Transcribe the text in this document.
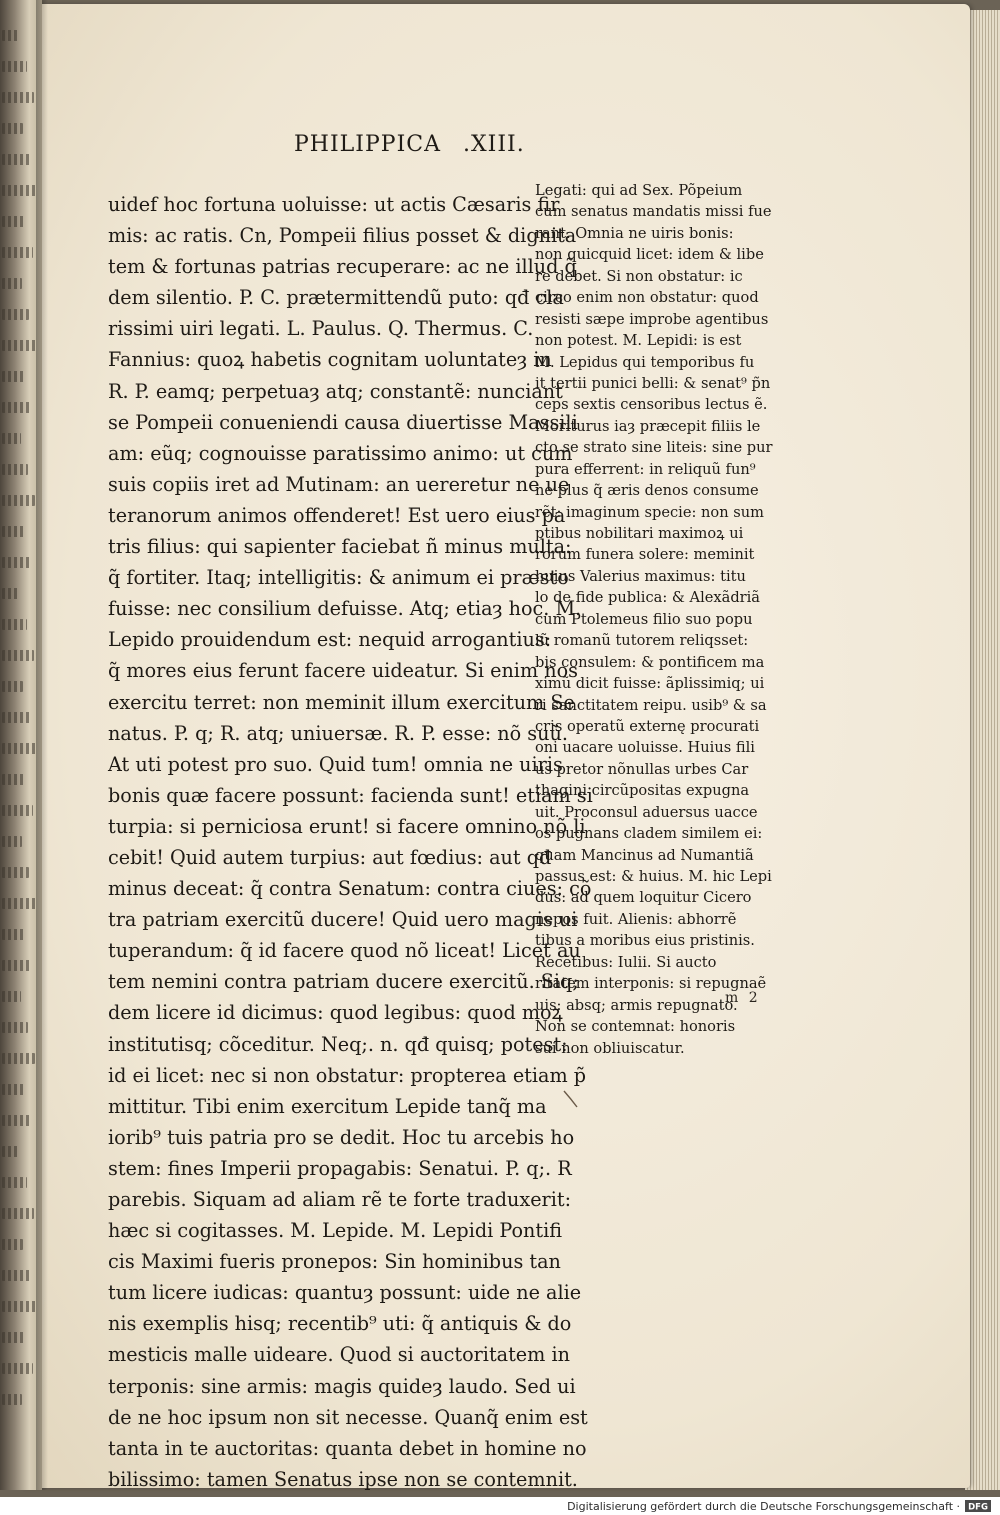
PHILIPPICA .XIII.
uidef hoc fortuna uoluisse: ut actis Cæsaris fir
mis: ac ratis. Cn, Pompeii filius posset & dignita
tem & fortunas patrias recuperare: ac ne illud q̃
dem silentio. P. C. prætermittendũ puto: qđ cla
rissimi uiri legati. L. Paulus. Q. Thermus. C.
Fannius: quoꝝ habetis cognitam uoluntateȝ in
R. P. eamq; perpetuaȝ atq; constantẽ: nunciant
se Pompeii conueniendi causa diuertisse Massili
am: eũq; cognouisse paratissimo animo: ut cum
suis copiis iret ad Mutinam: an uereretur ne ue
teranorum animos offenderet! Est uero eius pa
tris filius: qui sapienter faciebat ñ minus multa:
q̃ fortiter. Itaq; intelligitis: & animum ei præsto
fuisse: nec consilium defuisse. Atq; etiaȝ hoc. M.
Lepido prouidendum est: nequid arrogantius:
q̃ mores eius ferunt facere uideatur. Si enim nos
exercitu terret: non meminit illum exercitum Se
natus. P. q; R. atq; uniuersæ. R. P. esse: nõ suũ.
At uti potest pro suo. Quid tum! omnia ne uiris
bonis quæ facere possunt: facienda sunt! etiam si
turpia: si perniciosa erunt! si facere omnino nõ li
cebit! Quid autem turpius: aut fœdius: aut qđ
minus deceat: q̃ contra Senatum: contra ciues: cõ
tra patriam exercitũ ducere! Quid uero magis ui
tuperandum: q̃ id facere quod nõ liceat! Licet au
tem nemini contra patriam ducere exercitũ. Siq;
dem licere id dicimus: quod legibus: quod moꝝ
institutisq; cõceditur. Neq;. n. qđ quisq; potest:
id ei licet: nec si non obstatur: propterea etiam p̃
mittitur. Tibi enim exercitum Lepide tanq̃ ma
iorib⁹ tuis patria pro se dedit. Hoc tu arcebis ho
stem: fines Imperii propagabis: Senatui. P. q;. R
parebis. Siquam ad aliam rẽ te forte traduxerit:
hæc si cogitasses. M. Lepide. M. Lepidi Pontifi
cis Maximi fueris pronepos: Sin hominibus tan
tum licere iudicas: quantuȝ possunt: uide ne alie
nis exemplis hisq; recentib⁹ uti: q̃ antiquis & do
mesticis malle uideare. Quod si auctoritatem in
terponis: sine armis: magis quideȝ laudo. Sed ui
de ne hoc ipsum non sit necesse. Quanq̃ enim est
tanta in te auctoritas: quanta debet in homine no
bilissimo: tamen Senatus ipse non se contemnit.
Legati: qui ad Sex. Põpeium
cum senatus mandatis missi fue
rant. Omnia ne uiris bonis:
non quicquid licet: idem & libe
re debet. Si non obstatur: ic
circo enim non obstatur: quod
resisti sæpe improbe agentibus
non potest. M. Lepidi: is est
M. Lepidus qui temporibus fu
it tertii punici belli: & senat⁹ p̃n
ceps sextis censoribus lectus ẽ.
Moriturus iaȝ præcepit filiis le
cto se strato sine liteis: sine pur
pura efferrent: in reliquũ fun⁹
ne plus q̃ æris denos consume
rẽt: imaginum specie: non sum
ptibus nobilitari maximoꝝ ui
rorum funera solere: meminit
huius Valerius maximus: titu
lo de fide publica: & Alexãdriã
cum Ptolemeus filio suo popu
lũ romanũ tutorem reliqsset:
bis consulem: & pontificem ma
ximũ dicit fuisse: ãplissimiq; ui
ri sanctitatem reipu. usib⁹ & sa
cris operatũ externę procurati
oni uacare uoluisse. Huius fili
us pretor nõnullas urbes Car
thagini circũpositas expugna
uit. Proconsul aduersus uacce
os pugnans cladem similem ei:
quam Mancinus ad Numantiã
passus est: & huius. M. hic Lepi
dus: ad quem loquitur Cicero
nepos fuit. Alienis: abhorrẽ
tibus a moribus eius pristinis.
Recẽtibus: Iulii. Si aucto
ritatem interponis: si repugnaẽ
uis: absq; armis repugnato.
Non se contemnat: honoris
sui non obliuiscatur.
m 2
Digitalisierung gefördert durch die Deutsche Forschungsgemeinschaft · DFG
